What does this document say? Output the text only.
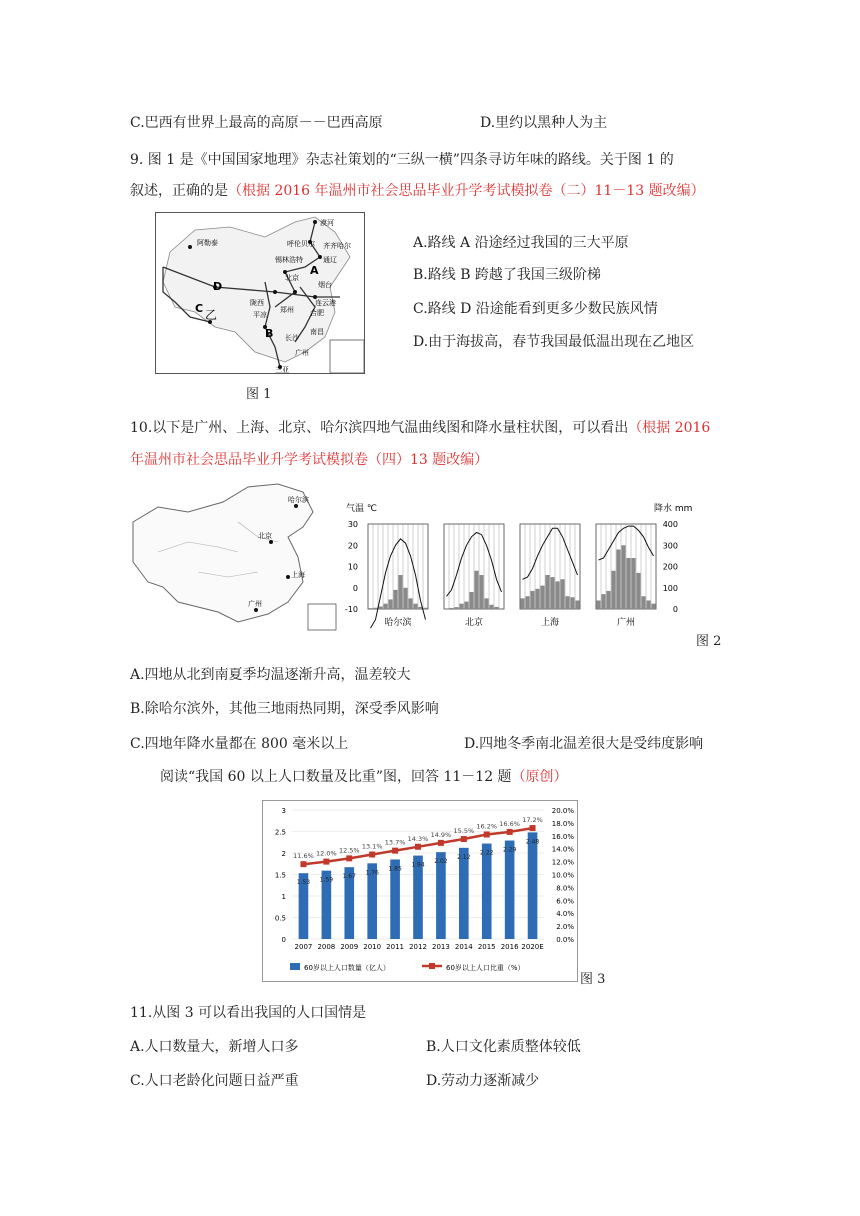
C.巴西有世界上最高的高原－－巴西高原	D.里约以黑种人为主
9. 图 1 是《中国国家地理》杂志社策划的“三纵一横”四条寻访年味的路线。关于图 1 的
叙述，正确的是（根据 2016 年温州市社会思品毕业升学考试模拟卷（二）11－13 题改编）
漠河
阿勒泰	呼伦贝尔 齐齐哈尔
通辽
锡林浩特
北京
烟台
连云港
陇西
郑州 合肥
平凉
南昌
长沙
广州
三亚
A
B
C
D
乙
图 1
A.路线 A 沿途经过我国的三大平原
B.路线 B 跨越了我国三级阶梯
C.路线 D 沿途能看到更多少数民族风情
D.由于海拔高，春节我国最低温出现在乙地区
10.以下是广州、上海、北京、哈尔滨四地气温曲线图和降水量柱状图，可以看出（根据 2016
年温州市社会思品毕业升学考试模拟卷（四）13 题改编）
哈尔滨
北京
上海
广州
气温 ℃	降水 mm
30
20
10
0
-10
400
300
200
100
0
哈尔滨	北京	上海	广州
图 2
A.四地从北到南夏季均温逐渐升高，温差较大
B.除哈尔滨外，其他三地雨热同期，深受季风影响
C.四地年降水量都在 800 毫米以上	D.四地冬季南北温差很大是受纬度影响
阅读“我国 60 以上人口数量及比重”图，回答 11－12 题（原创）
1.53 1.59 1.67
1.76
1.85
1.94 2.02
2.12
2.22 2.29
2.48
11.6% 12.0% 12.5% 13.1% 13.7% 14.3% 14.9% 15.5%
16.2% 16.6% 17.2%
3
2.5
2
1.5
1
0.5
0
20.0%
18.0%
16.0%
14.0%
12.0%
10.0%
8.0%
6.0%
4.0%
2.0%
0.0%
2007 2008 2009 2010 2011 2012 2013 2014 2015 2016 2020E
60岁以上人口数量（亿人）	60岁以上人口比重（%）
图 3
11.从图 3 可以看出我国的人口国情是
A.人口数量大，新增人口多	B.人口文化素质整体较低
C.人口老龄化问题日益严重	D.劳动力逐渐减少
